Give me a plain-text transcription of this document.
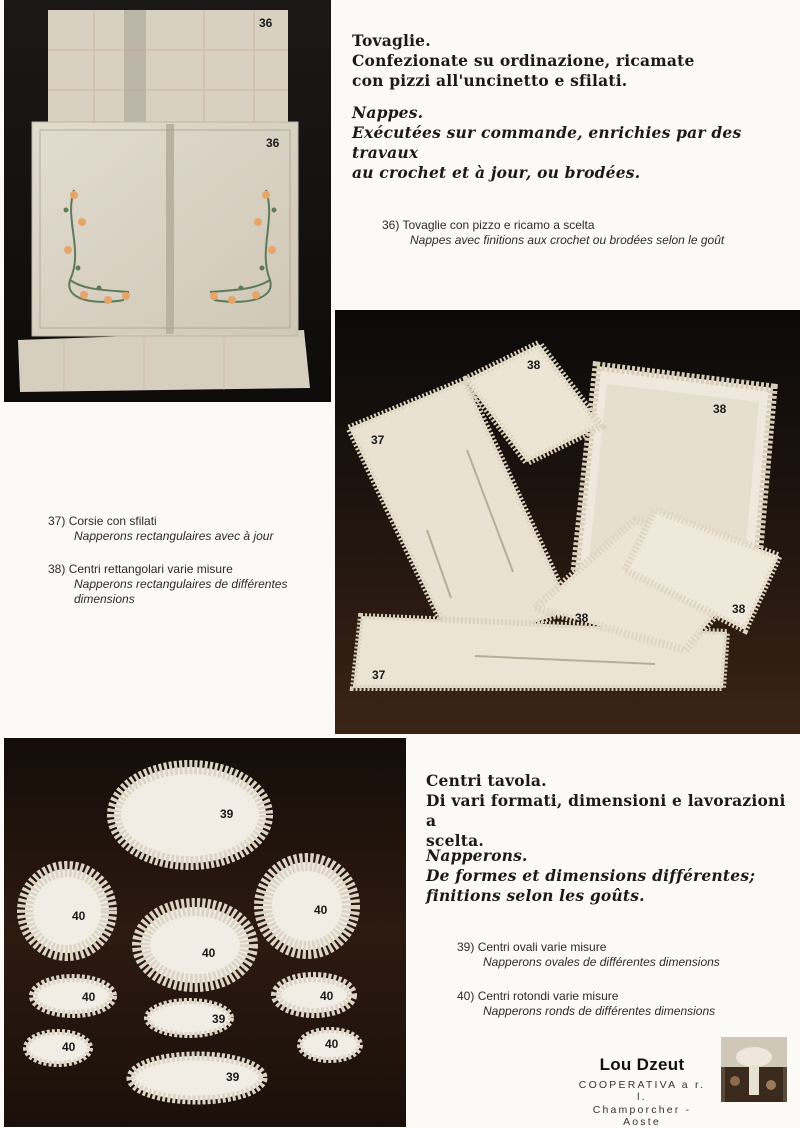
36
36
Tovaglie.
Confezionate su ordinazione, ricamate
con pizzi all'uncinetto e sfilati.
Nappes.
Exécutées sur commande, enrichies par des travaux
au crochet et à jour, ou brodées.
36) Tovaglie con pizzo e ricamo a scelta
Nappes avec finitions aux crochet ou brodées selon le goût
38
38
37
38
38
37
37) Corsie con sfilati
Napperons rectangulaires avec à jour
38) Centri rettangolari varie misure
Napperons rectangulaires de différentes
dimensions
39
40	40
40
40	40
39
40	40
39
Centri tavola.
Di vari formati, dimensioni e lavorazioni a
scelta.
Napperons.
De formes et dimensions différentes;
finitions selon les goûts.
39) Centri ovali varie misure
Napperons ovales de différentes dimensions
40) Centri rotondi varie misure
Napperons ronds de différentes dimensions
Lou Dzeut
COOPERATIVA a r. l.
Champorcher - Aoste
